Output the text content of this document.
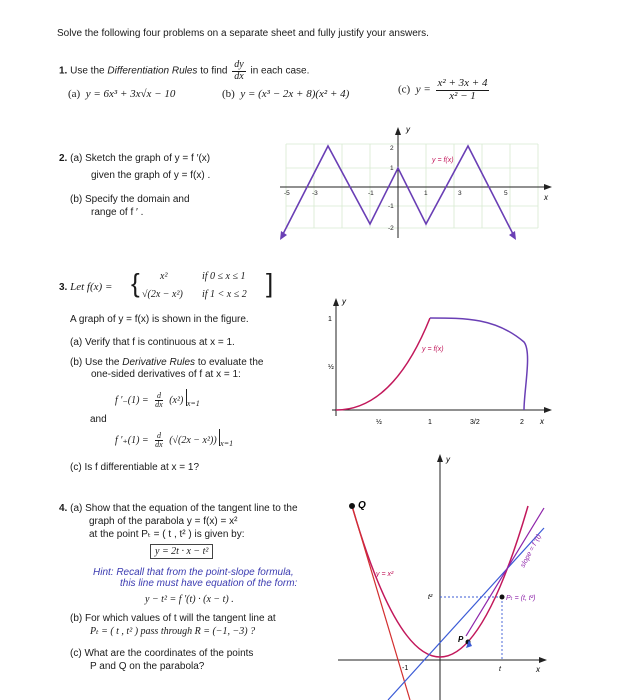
Solve the following four problems on a separate sheet and fully justify your answers.
1. Use the Differentiation Rules to find $\frac{dy}{dx}$ in each case.
(a) y = 6x³ + 3x√x − 10	(b) y = (x³ − 2x + 8)(x² + 4)	(c) $y = \frac{\text{x² + 3x + 4}}{\text{x² − 1}}$
2. (a) Sketch the graph of y = f ′(x)
given the graph of y = f(x) .
(b) Specify the domain and
range of f ′ .
y
x
y = f(x)
-5	-3	-1	1	3	5
2
1
-1
-2
3. Let f(x) = { x²	if 0 ≤ x ≤ 1
√(2x − x²) if 1 < x ≤ 2 ]
A graph of y = f(x) is shown in the figure.
(a) Verify that f is continuous at x = 1.
(b) Use the Derivative Rules to evaluate the
one-sided derivatives of f at x = 1:
f $'_-(1) = \frac{d}{dx} (x^2)$ $_{x=1}$
and
f $'_+(1) = \frac{d}{dx} (√(2x - x^2))$ $_{x=1}$
(c) Is f differentiable at x = 1?
y
x
y = f(x)
1
½
½	1	3/2	2
4. (a) Show that the equation of the tangent line to the
graph of the parabola y = f(x) = x²
at the point Pₜ = ( t , t² ) is given by:
y = 2t · x − t²
Hint: Recall that from the point-slope formula,
this line must have equation of the form:
y − t² = f ′(t) · (x − t) .
(b) For which values of t will the tangent line at
Pₜ = ( t , t² ) pass through R = (−1, −3) ?
(c) What are the coordinates of the points
P and Q on the parabola?
Q
y = x²
slope = f ′(t)
Pₜ = (t, t²)
P
t²
t
-1
y
x
